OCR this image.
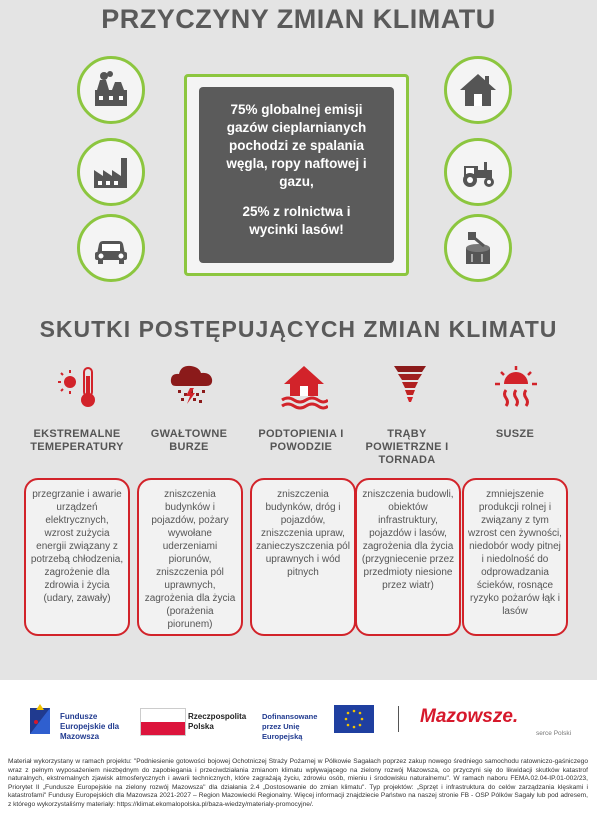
PRZYCZYNY ZMIAN KLIMATU
75% globalnej emisji gazów cieplarnianych pochodzi ze spalania węgla, ropy naftowej i gazu,
25% z rolnictwa i wycinki lasów!
SKUTKI POSTĘPUJĄCYCH ZMIAN KLIMATU
EKSTREMALNE TEMEPERATURY
GWAŁTOWNE BURZE
PODTOPIENIA I POWODZIE
TRĄBY POWIETRZNE I TORNADA
SUSZE
przegrzanie i awarie urządzeń elektrycznych, wzrost zużycia energii związany z potrzebą chłodzenia, zagrożenie dla zdrowia i życia (udary, zawały)
zniszczenia budynków i pojazdów, pożary wywołane uderzeniami piorunów, zniszczenia pól uprawnych, zagrożenia dla życia (porażenia piorunem)
zniszczenia budynków, dróg i pojazdów, zniszczenia upraw, zanieczyszczenia pól uprawnych i wód pitnych
zniszczenia budowli, obiektów infrastruktury, pojazdów i lasów, zagrożenia dla życia (przygniecenie przez przedmioty niesione przez wiatr)
zmniejszenie produkcji rolnej i związany z tym wzrost cen żywności, niedobór wody pitnej i niedolność do odprowadzania ścieków, rosnące ryzyko pożarów łąk i lasów
Fundusze Europejskie dla Mazowsza
Rzeczpospolita Polska
Dofinansowane przez Unię Europejską
Mazowsze.
serce Polski
Materiał wykorzystany w ramach projektu: "Podniesienie gotowości bojowej Ochotniczej Straży Pożarnej w Pólkowie Sagałach poprzez zakup nowego średniego samochodu ratowniczo-gaśniczego wraz z pełnym wyposażeniem niezbędnym do zapobiegania i przeciwdziałania zmianom klimatu wpływającego na zielony rozwój Mazowsza, co przyczyni się do likwidacji skutków katastrof naturalnych, ekstremalnych zjawisk atmosferycznych i awarii technicznych, które zagrażają życiu, zdrowiu osób, mieniu i środowisku naturalnemu". W ramach naboru FEMA.02.04-IP.01-002/23, Priorytet II „Fundusze Europejskie na zielony rozwój Mazowsza" dla działania 2.4 „Dostosowanie do zmian klimatu". Typ projektów: „Sprzęt i infrastruktura do celów zarządzania klęskami i katastrofami" Fundusy Europejskich dla Mazowsza 2021-2027 – Region Mazowiecki Regionalny. Więcej informacji znajdziecie Państwo na naszej stronie FB - OSP Pólków Sagały lub pod adresem, z którego wykorzystaliśmy materiały: https://klimat.ekomalopolska.pl/baza-wiedzy/materialy-promocyjne/.
